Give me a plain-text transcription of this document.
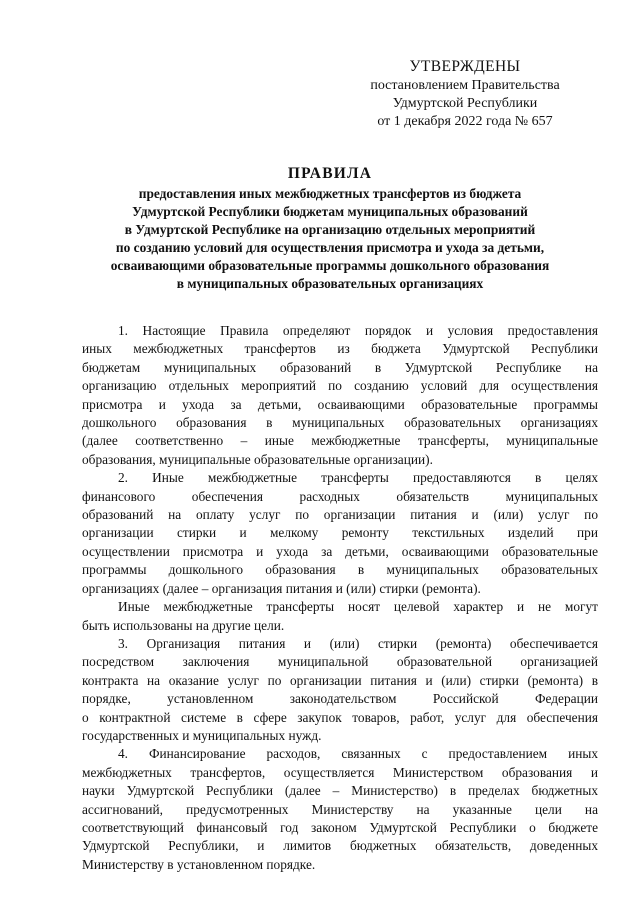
УТВЕРЖДЕНЫ
постановлением Правительства
Удмуртской Республики
от 1 декабря 2022 года № 657
ПРАВИЛА
предоставления иных межбюджетных трансфертов из бюджета
Удмуртской Республики бюджетам муниципальных образований
в Удмуртской Республике на организацию отдельных мероприятий
по созданию условий для осуществления присмотра и ухода за детьми,
осваивающими образовательные программы дошкольного образования
в муниципальных образовательных организациях
1. Настоящие Правила определяют порядок и условия предоставления
иных межбюджетных трансфертов из бюджета Удмуртской Республики
бюджетам муниципальных образований в Удмуртской Республике на
организацию отдельных мероприятий по созданию условий для осуществления
присмотра и ухода за детьми, осваивающими образовательные программы
дошкольного образования в муниципальных образовательных организациях
(далее соответственно – иные межбюджетные трансферты, муниципальные
образования, муниципальные образовательные организации).
2. Иные межбюджетные трансферты предоставляются в целях
финансового обеспечения расходных обязательств муниципальных
образований на оплату услуг по организации питания и (или) услуг по
организации стирки и мелкому ремонту текстильных изделий при
осуществлении присмотра и ухода за детьми, осваивающими образовательные
программы дошкольного образования в муниципальных образовательных
организациях (далее – организация питания и (или) стирки (ремонта).
Иные межбюджетные трансферты носят целевой характер и не могут
быть использованы на другие цели.
3. Организация питания и (или) стирки (ремонта) обеспечивается
посредством заключения муниципальной образовательной организацией
контракта на оказание услуг по организации питания и (или) стирки (ремонта) в
порядке, установленном законодательством Российской Федерации
о контрактной системе в сфере закупок товаров, работ, услуг для обеспечения
государственных и муниципальных нужд.
4. Финансирование расходов, связанных с предоставлением иных
межбюджетных трансфертов, осуществляется Министерством образования и
науки Удмуртской Республики (далее – Министерство) в пределах бюджетных
ассигнований, предусмотренных Министерству на указанные цели на
соответствующий финансовый год законом Удмуртской Республики о бюджете
Удмуртской Республики, и лимитов бюджетных обязательств, доведенных
Министерству в установленном порядке.
